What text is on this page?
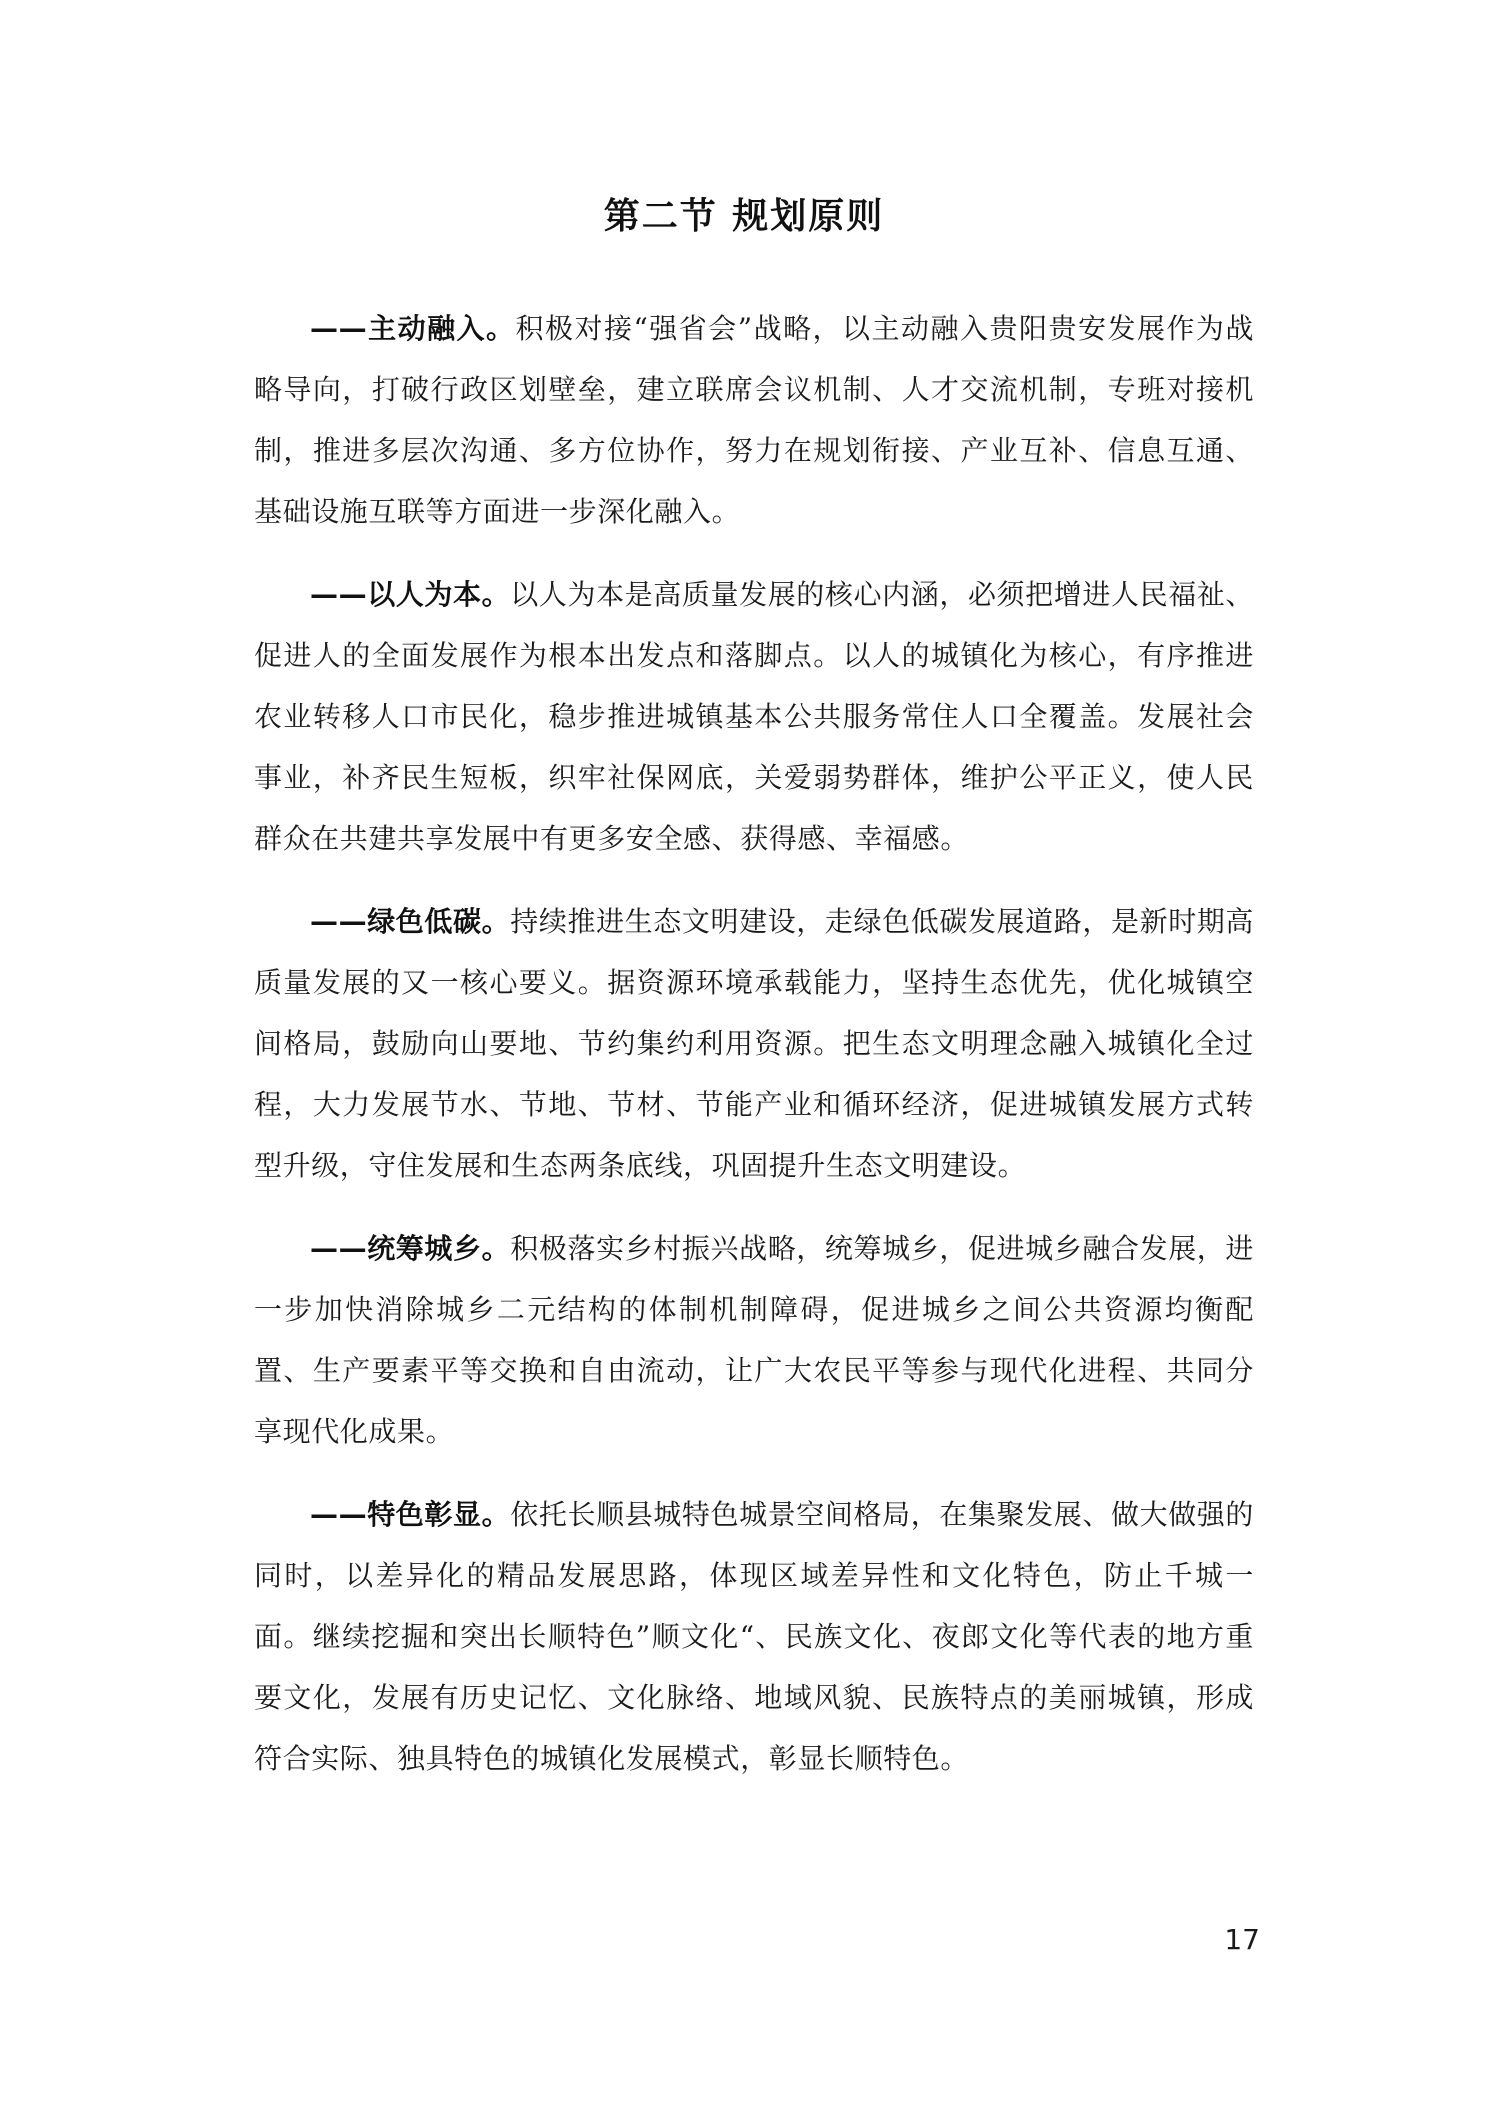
第二节 规划原则

——主动融入。积极对接“强省会”战略，以主动融入贵阳贵安发展作为战略导向，打破行政区划壁垒，建立联席会议机制、人才交流机制，专班对接机制，推进多层次沟通、多方位协作，努力在规划衔接、产业互补、信息互通、基础设施互联等方面进一步深化融入。

——以人为本。以人为本是高质量发展的核心内涵，必须把增进人民福祉、促进人的全面发展作为根本出发点和落脚点。以人的城镇化为核心，有序推进农业转移人口市民化，稳步推进城镇基本公共服务常住人口全覆盖。发展社会事业，补齐民生短板，织牢社保网底，关爱弱势群体，维护公平正义，使人民群众在共建共享发展中有更多安全感、获得感、幸福感。

——绿色低碳。持续推进生态文明建设，走绿色低碳发展道路，是新时期高质量发展的又一核心要义。据资源环境承载能力，坚持生态优先，优化城镇空间格局，鼓励向山要地、节约集约利用资源。把生态文明理念融入城镇化全过程，大力发展节水、节地、节材、节能产业和循环经济，促进城镇发展方式转型升级，守住发展和生态两条底线，巩固提升生态文明建设。

——统筹城乡。积极落实乡村振兴战略，统筹城乡，促进城乡融合发展，进一步加快消除城乡二元结构的体制机制障碍，促进城乡之间公共资源均衡配置、生产要素平等交换和自由流动，让广大农民平等参与现代化进程、共同分享现代化成果。

——特色彰显。依托长顺县城特色城景空间格局，在集聚发展、做大做强的同时，以差异化的精品发展思路，体现区域差异性和文化特色，防止千城一面。继续挖掘和突出长顺特色”顺文化“、民族文化、夜郎文化等代表的地方重要文化，发展有历史记忆、文化脉络、地域风貌、民族特点的美丽城镇，形成符合实际、独具特色的城镇化发展模式，彰显长顺特色。

17
